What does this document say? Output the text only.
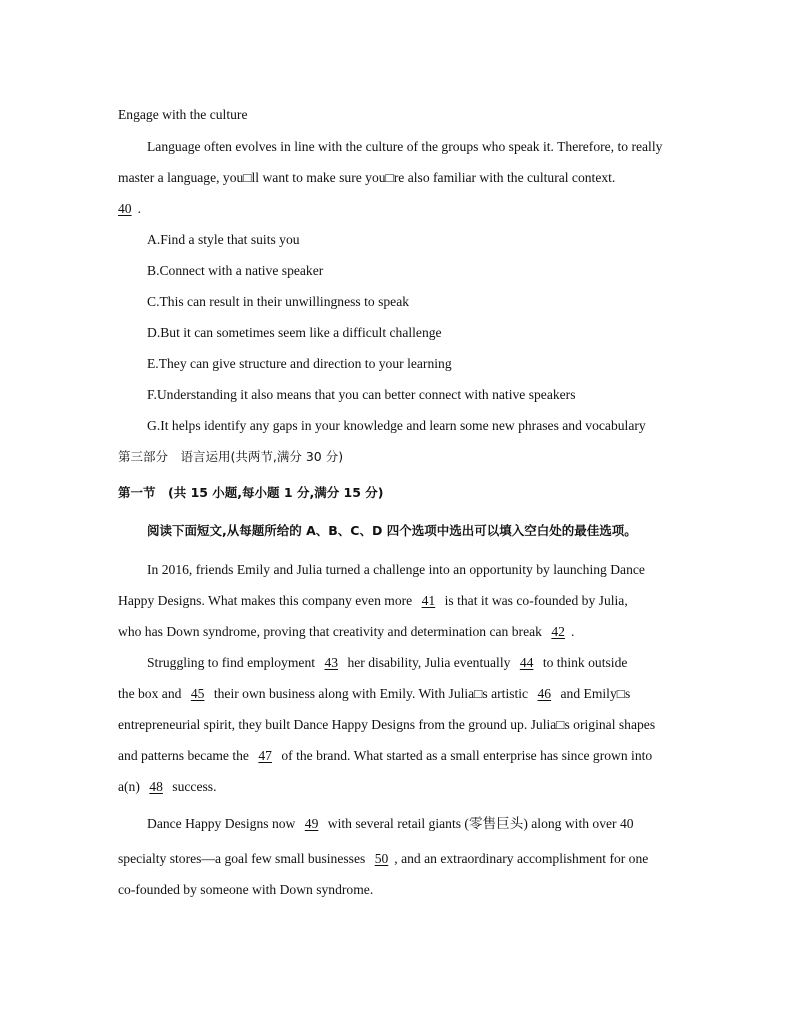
Engage with the culture
Language often evolves in line with the culture of the groups who speak it. Therefore, to really
master a language, you□ll want to make sure you□re also familiar with the cultural context.
40 .
A.Find a style that suits you
B.Connect with a native speaker
C.This can result in their unwillingness to speak
D.But it can sometimes seem like a difficult challenge
E.They can give structure and direction to your learning
F.Understanding it also means that you can better connect with native speakers
G.It helps identify any gaps in your knowledge and learn some new phrases and vocabulary
第三部分　语言运用(共两节,满分 30 分)
第一节　(共 15 小题,每小题 1 分,满分 15 分)
阅读下面短文,从每题所给的 A、B、C、D 四个选项中选出可以填入空白处的最佳选项。
In 2016, friends Emily and Julia turned a challenge into an opportunity by launching Dance
Happy Designs. What makes this company even more 41 is that it was co-founded by Julia,
who has Down syndrome, proving that creativity and determination can break 42 .
Struggling to find employment 43 her disability, Julia eventually 44 to think outside
the box and 45 their own business along with Emily. With Julia□s artistic 46 and Emily□s
entrepreneurial spirit, they built Dance Happy Designs from the ground up. Julia□s original shapes
and patterns became the 47 of the brand. What started as a small enterprise has since grown into
a(n) 48 success.
Dance Happy Designs now 49 with several retail giants (零售巨头) along with over 40
specialty stores—a goal few small businesses 50 , and an extraordinary accomplishment for one
co-founded by someone with Down syndrome.
